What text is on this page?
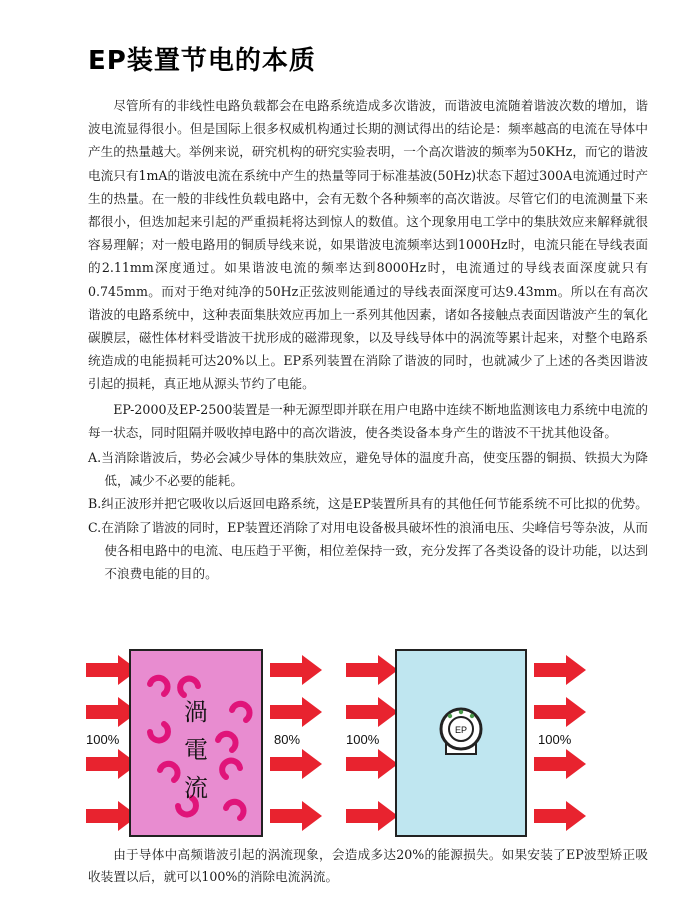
EP装置节电的本质

尽管所有的非线性电路负载都会在电路系统造成多次谐波，而谐波电流随着谐波次数的增加，谐波电流显得很小。但是国际上很多权威机构通过长期的测试得出的结论是：频率越高的电流在导体中产生的热量越大。举例来说，研究机构的研究实验表明，一个高次谐波的频率为50KHz，而它的谐波电流只有1mA的谐波电流在系统中产生的热量等同于标准基波(50Hz)状态下超过300A电流通过时产生的热量。在一般的非线性负载电路中，会有无数个各种频率的高次谐波。尽管它们的电流测量下来都很小，但迭加起来引起的严重损耗将达到惊人的数值。这个现象用电工学中的集肤效应来解释就很容易理解；对一般电路用的铜质导线来说，如果谐波电流频率达到1000Hz时，电流只能在导线表面的2.11mm深度通过。如果谐波电流的频率达到8000Hz时，电流通过的导线表面深度就只有0.745mm。而对于绝对纯净的50Hz正弦波则能通过的导线表面深度可达9.43mm。所以在有高次谐波的电路系统中，这种表面集肤效应再加上一系列其他因素，诸如各接触点表面因谐波产生的氧化碳膜层，磁性体材料受谐波干扰形成的磁滞现象，以及导线导体中的涡流等累计起来，对整个电路系统造成的电能损耗可达20%以上。EP系列装置在消除了谐波的同时，也就减少了上述的各类因谐波引起的损耗，真正地从源头节约了电能。

EP-2000及EP-2500装置是一种无源型即并联在用户电路中连续不断地监测该电力系统中电流的每一状态，同时阻隔并吸收掉电路中的高次谐波，使各类设备本身产生的谐波不干扰其他设备。

A.当消除谐波后，势必会减少导体的集肤效应，避免导体的温度升高，使变压器的铜损、铁损大为降低，减少不必要的能耗。

B.纠正波形并把它吸收以后返回电路系统，这是EP装置所具有的其他任何节能系统不可比拟的优势。

C.在消除了谐波的同时，EP装置还消除了对用电设备极具破坏性的浪涌电压、尖峰信号等杂波，从而使各相电路中的电流、电压趋于平衡，相位差保持一致，充分发挥了各类设备的设计功能，以达到不浪费电能的目的。

渦
電
流
EP
100%	80%	100%	100%

由于导体中高频谐波引起的涡流现象，会造成多达20%的能源损失。如果安装了EP波型矫正吸收装置以后，就可以100%的消除电流涡流。
